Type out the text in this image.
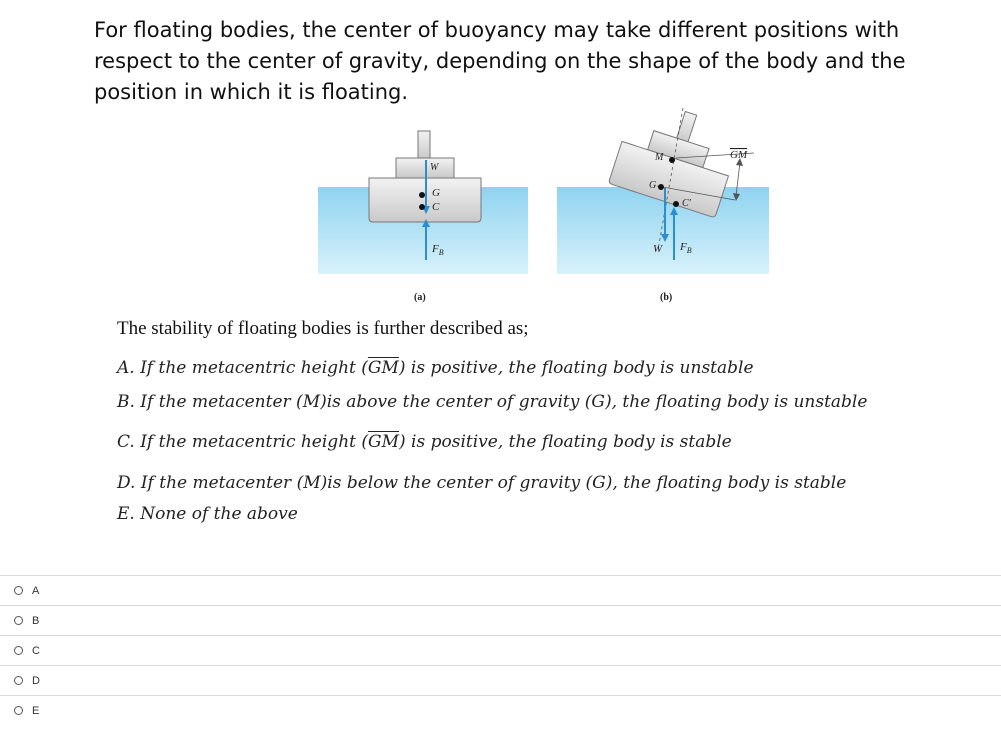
For floating bodies, the center of buoyancy may take different positions with respect to the center of gravity, depending on the shape of the body and the position in which it is floating.

W
G
C
$F_B$
(a)
M
G
C′
W $F_B$
GM
(b)

The stability of floating bodies is further described as;

A. If the metacentric height $(\overline{GM})$ is positive, the floating body is unstable

B. If the metacenter (M)is above the center of gravity (G), the floating body is unstable

C. If the metacentric height $(\overline{GM})$ is positive, the floating body is stable

D. If the metacenter (M)is below the center of gravity (G), the floating body is stable

E. None of the above

A
B
C
D
E
